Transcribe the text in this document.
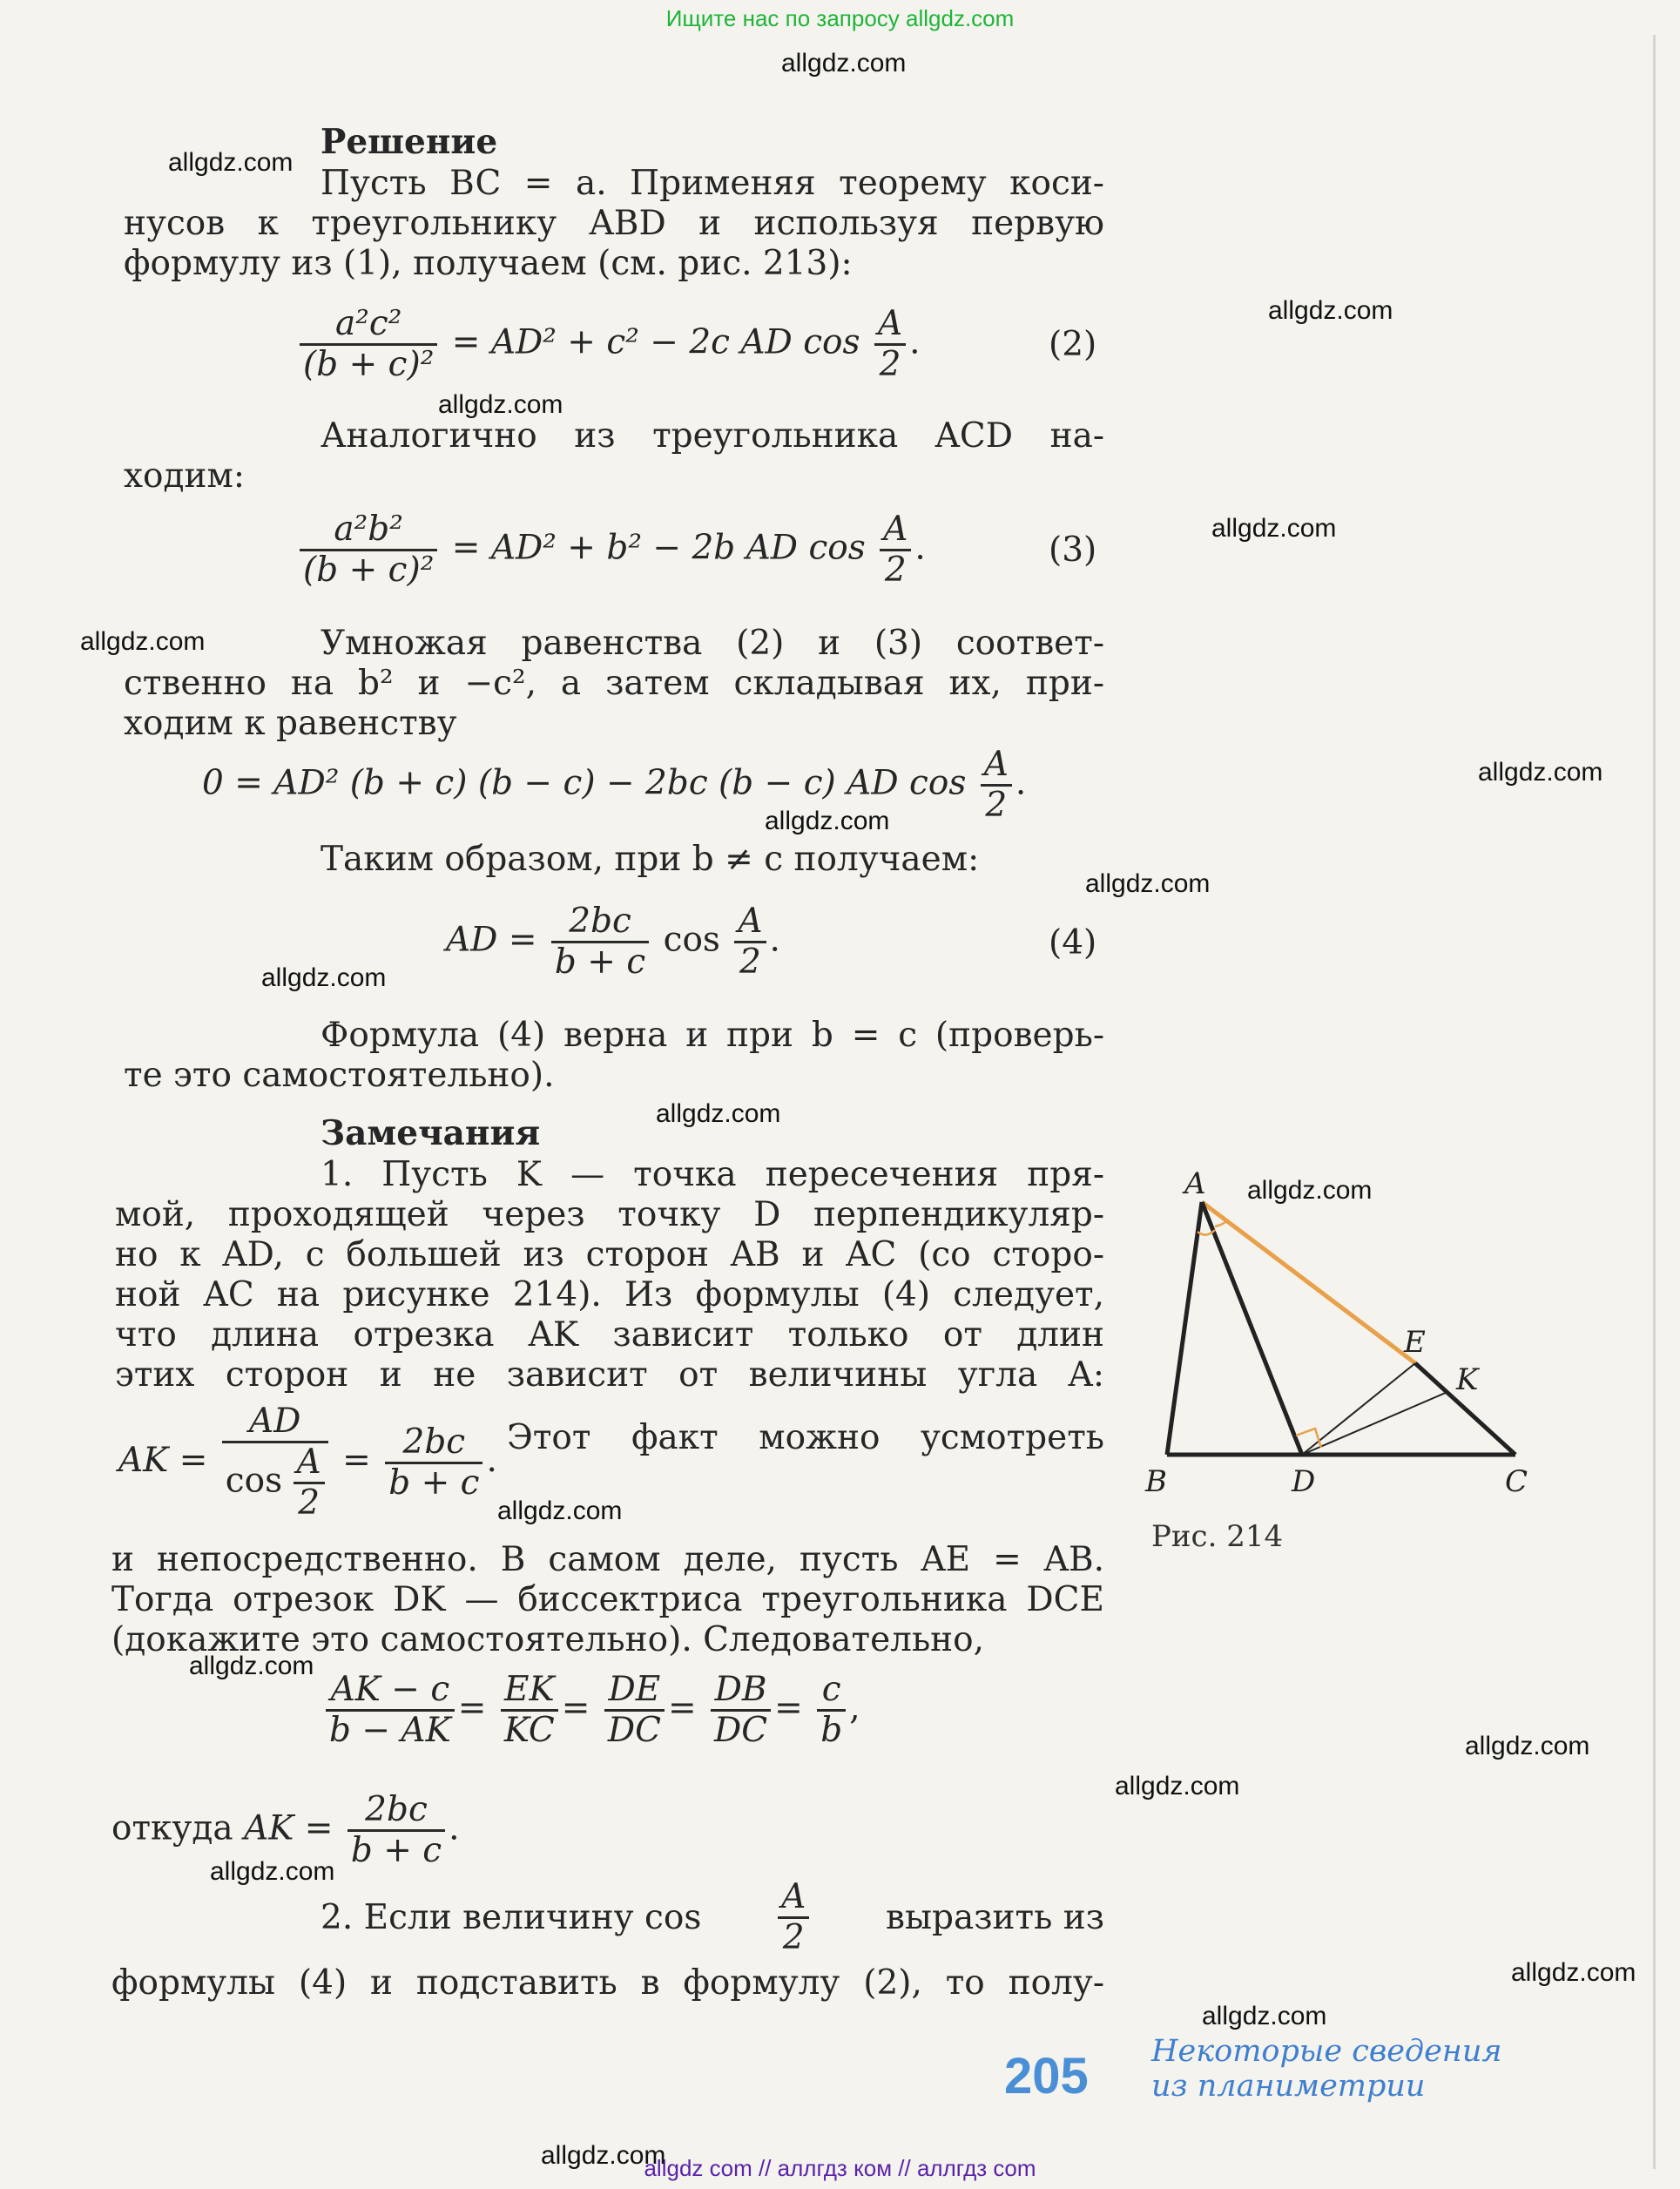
Ищите нас по запросу allgdz.com
allgdz com // аллгдз ком // аллгдз com
allgdz.com
allgdz.com
allgdz.com
allgdz.com
allgdz.com
allgdz.com
allgdz.com
allgdz.com
allgdz.com
allgdz.com
allgdz.com
allgdz.com
allgdz.com
allgdz.com
allgdz.com
allgdz.com
allgdz.com
allgdz.com
allgdz.com
allgdz.com
Решение
Пусть BC = a. Применяя теорему коси-
нусов к треугольнику ABD и используя первую
формулу из (1), получаем (см. рис. 213):
$\frac{\text{a²c²}}{\text{(b + c)²}} = AD^2 + c^2 - 2c$ AD $\cos \frac{A}{2}$ .	(2)
Аналогично из треугольника ACD на-
ходим:
$\frac{\text{a²b²}}{\text{(b + c)²}} = AD^2 + b^2 - 2b$ AD $\cos \frac{A}{2}$ .	(3)
Умножая равенства (2) и (3) соответ-
ственно на b² и −c², а затем складывая их, при-
ходим к равенству
0 = AD² (b + c) (b − c) − 2bc (b − c) AD $\cos \frac{A}{2}$ .
Таким образом, при b ≠ c получаем:
AD = $\frac{2bc}{b + c}$ $\cos \frac{A}{2}$ .	(4)
Формула (4) верна и при b = c (проверь-
те это самостоятельно).
Замечания
1. Пусть K — точка пересечения пря-
мой, проходящей через точку D перпендикуляр-
но к AD, с большей из сторон AB и AC (со сторо-
ной AC на рисунке 214). Из формулы (4) следует,
что длина отрезка AK зависит только от длин
этих сторон и не зависит от величины угла A:
AK = $\frac{AD}{\cos \frac{A}{2}} = \frac{2bc}{b + c}$ .
Этот факт можно усмотреть
и непосредственно. В самом деле, пусть AE = AB.
Тогда отрезок DK — биссектриса треугольника DCE
(докажите это самостоятельно). Следовательно,
$\frac{AK - c}{b - AK} = \frac{EK}{KC} = \frac{DE}{DC} = \frac{DB}{DC} = \frac{c}{b}$ ,
откуда AK = $\frac{2bc}{b + c}$ .
2. Если величину $\cos \frac{A}{2}$ выразить из
формулы (4) и подставить в формулу (2), то полу-
A
B	C
D
E
K
Рис. 214
205 Некоторые сведения
из планиметрии
